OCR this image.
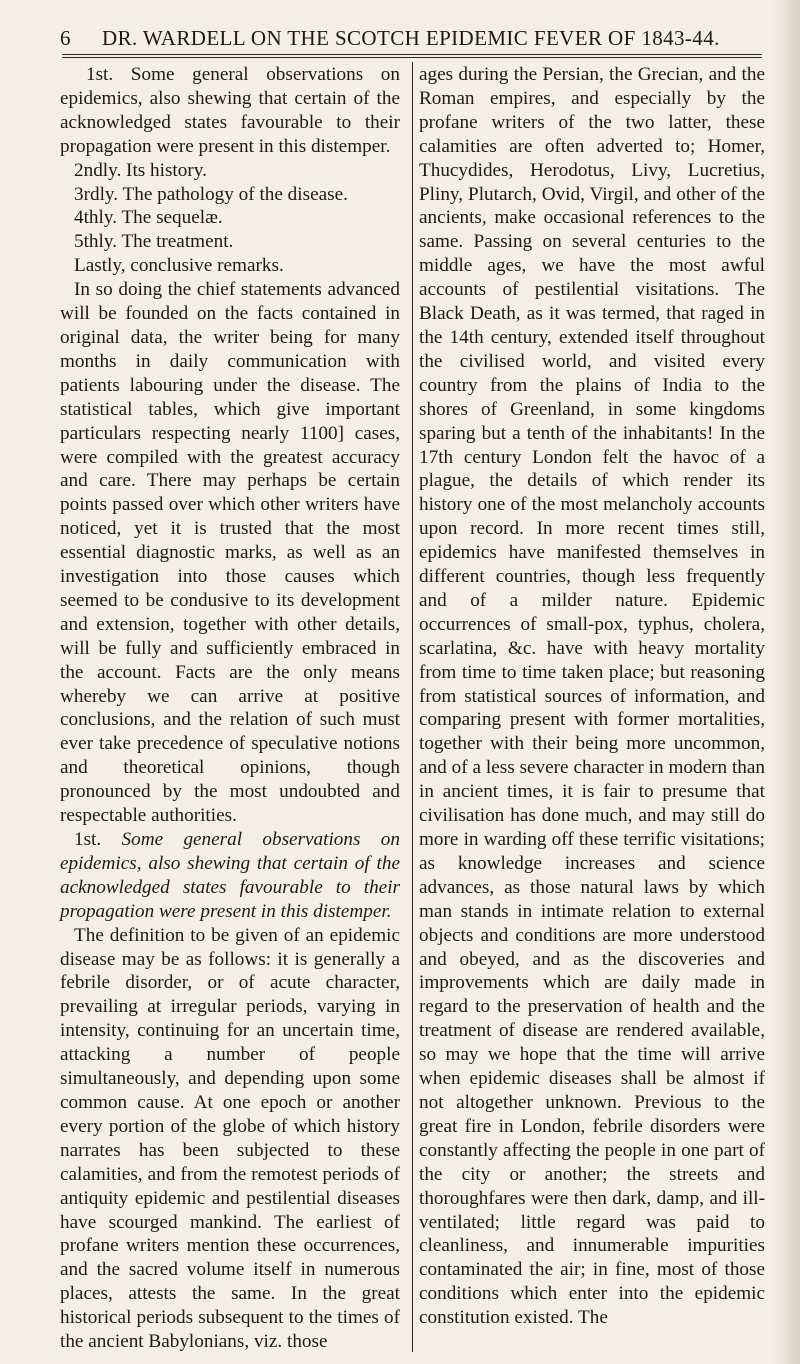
6 DR. WARDELL ON THE SCOTCH EPIDEMIC FEVER OF 1843-44.

1st. Some general observations on epidemics, also shewing that certain of the acknowledged states favourable to their propagation were present in this distemper.

2ndly. Its history.

3rdly. The pathology of the disease.

4thly. The sequelæ.

5thly. The treatment.

Lastly, conclusive remarks.

In so doing the chief statements advanced will be founded on the facts contained in original data, the writer being for many months in daily communication with patients labouring under the disease. The statistical tables, which give important particulars respecting nearly 1100] cases, were compiled with the greatest accuracy and care. There may perhaps be certain points passed over which other writers have noticed, yet it is trusted that the most essential diagnostic marks, as well as an investigation into those causes which seemed to be condusive to its development and extension, together with other details, will be fully and sufficiently embraced in the account. Facts are the only means whereby we can arrive at positive conclusions, and the relation of such must ever take precedence of speculative notions and theoretical opinions, though pronounced by the most undoubted and respectable authorities.

1st. Some general observations on epidemics, also shewing that certain of the acknowledged states favourable to their propagation were present in this distemper.

The definition to be given of an epidemic disease may be as follows: it is generally a febrile disorder, or of acute character, prevailing at irregular periods, varying in intensity, continuing for an uncertain time, attacking a number of people simultaneously, and depending upon some common cause. At one epoch or another every portion of the globe of which history narrates has been subjected to these calamities, and from the remotest periods of antiquity epidemic and pestilential diseases have scourged mankind. The earliest of profane writers mention these occurrences, and the sacred volume itself in numerous places, attests the same. In the great historical periods subsequent to the times of the ancient Babylonians, viz. those

ages during the Persian, the Grecian, and the Roman empires, and especially by the profane writers of the two latter, these calamities are often adverted to; Homer, Thucydides, Herodotus, Livy, Lucretius, Pliny, Plutarch, Ovid, Virgil, and other of the ancients, make occasional references to the same. Passing on several centuries to the middle ages, we have the most awful accounts of pestilential visitations. The Black Death, as it was termed, that raged in the 14th century, extended itself throughout the civilised world, and visited every country from the plains of India to the shores of Greenland, in some kingdoms sparing but a tenth of the inhabitants! In the 17th century London felt the havoc of a plague, the details of which render its history one of the most melancholy accounts upon record. In more recent times still, epidemics have manifested themselves in different countries, though less frequently and of a milder nature. Epidemic occurrences of small-pox, typhus, cholera, scarlatina, &c. have with heavy mortality from time to time taken place; but reasoning from statistical sources of information, and comparing present with former mortalities, together with their being more uncommon, and of a less severe character in modern than in ancient times, it is fair to presume that civilisation has done much, and may still do more in warding off these terrific visitations; as knowledge increases and science advances, as those natural laws by which man stands in intimate relation to external objects and conditions are more understood and obeyed, and as the discoveries and improvements which are daily made in regard to the preservation of health and the treatment of disease are rendered available, so may we hope that the time will arrive when epidemic diseases shall be almost if not altogether unknown. Previous to the great fire in London, febrile disorders were constantly affecting the people in one part of the city or another; the streets and thoroughfares were then dark, damp, and ill-ventilated; little regard was paid to cleanliness, and innumerable impurities contaminated the air; in fine, most of those conditions which enter into the epidemic constitution existed. The
